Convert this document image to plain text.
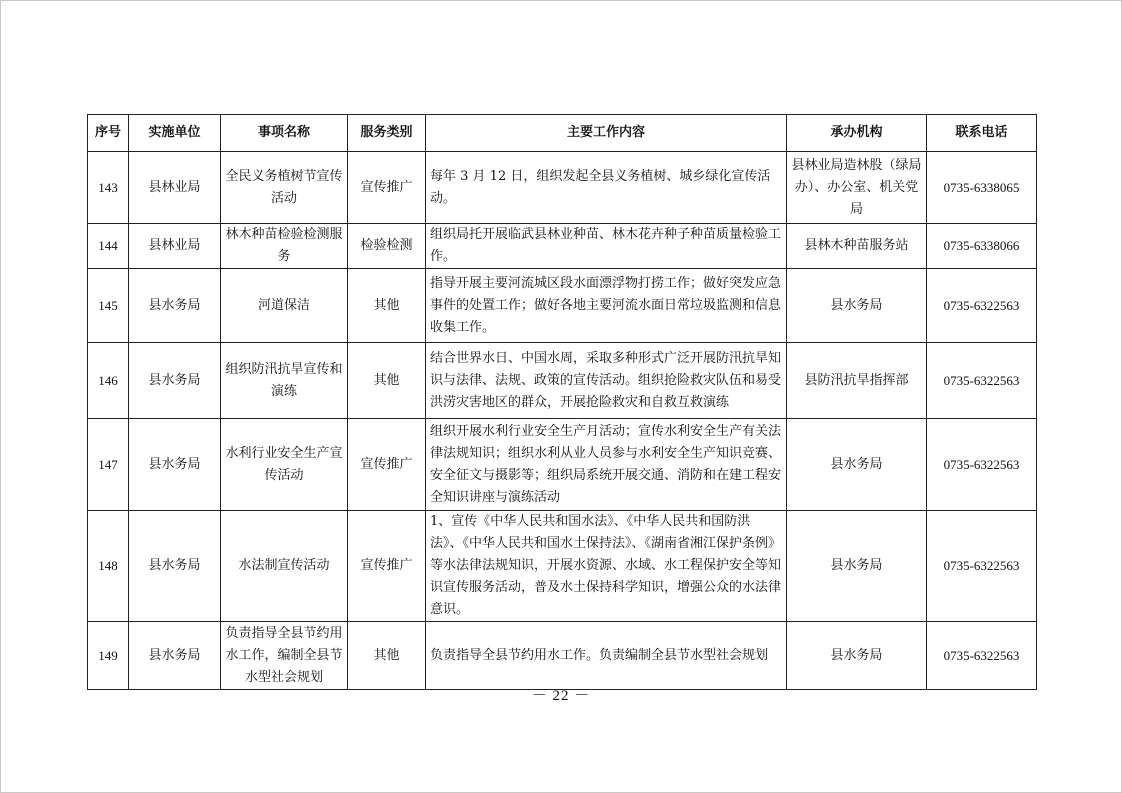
序号	实施单位	事项名称	服务类别	主要工作内容	承办机构	联系电话
143	县林业局	全民义务植树节宣传活动	宣传推广	每年 3 月 12 日，组织发起全县义务植树、城乡绿化宣传活动。	县林业局造林股（绿局办）、办公室、机关党局	0735-6338065
144	县林业局	林木种苗检验检测服务	检验检测	组织局托开展临武县林业种苗、林木花卉种子种苗质量检验工作。	县林木种苗服务站	0735-6338066
145	县水务局	河道保洁	其他	指导开展主要河流城区段水面漂浮物打捞工作；做好突发应急事件的处置工作；做好各地主要河流水面日常垃圾监测和信息收集工作。	县水务局	0735-6322563
146	县水务局	组织防汛抗旱宣传和演练	其他	结合世界水日、中国水周，采取多种形式广泛开展防汛抗旱知识与法律、法规、政策的宣传活动。组织抢险救灾队伍和易受洪涝灾害地区的群众，开展抢险救灾和自救互救演练	县防汛抗旱指挥部	0735-6322563
147	县水务局	水利行业安全生产宣传活动	宣传推广	组织开展水利行业安全生产月活动；宣传水利安全生产有关法律法规知识；组织水利从业人员参与水利安全生产知识竞赛、安全征文与摄影等；组织局系统开展交通、消防和在建工程安全知识讲座与演练活动	县水务局	0735-6322563
148	县水务局	水法制宣传活动	宣传推广	1、宣传《中华人民共和国水法》、《中华人民共和国防洪法》、《中华人民共和国水土保持法》、《湖南省湘江保护条例》等水法律法规知识，开展水资源、水域、水工程保护安全等知识宣传服务活动，普及水土保持科学知识，增强公众的水法律意识。	县水务局	0735-6322563
149	县水务局	负责指导全县节约用水工作，编制全县节水型社会规划	其他	负责指导全县节约用水工作。负责编制全县节水型社会规划	县水务局	0735-6322563
－ 22 －
